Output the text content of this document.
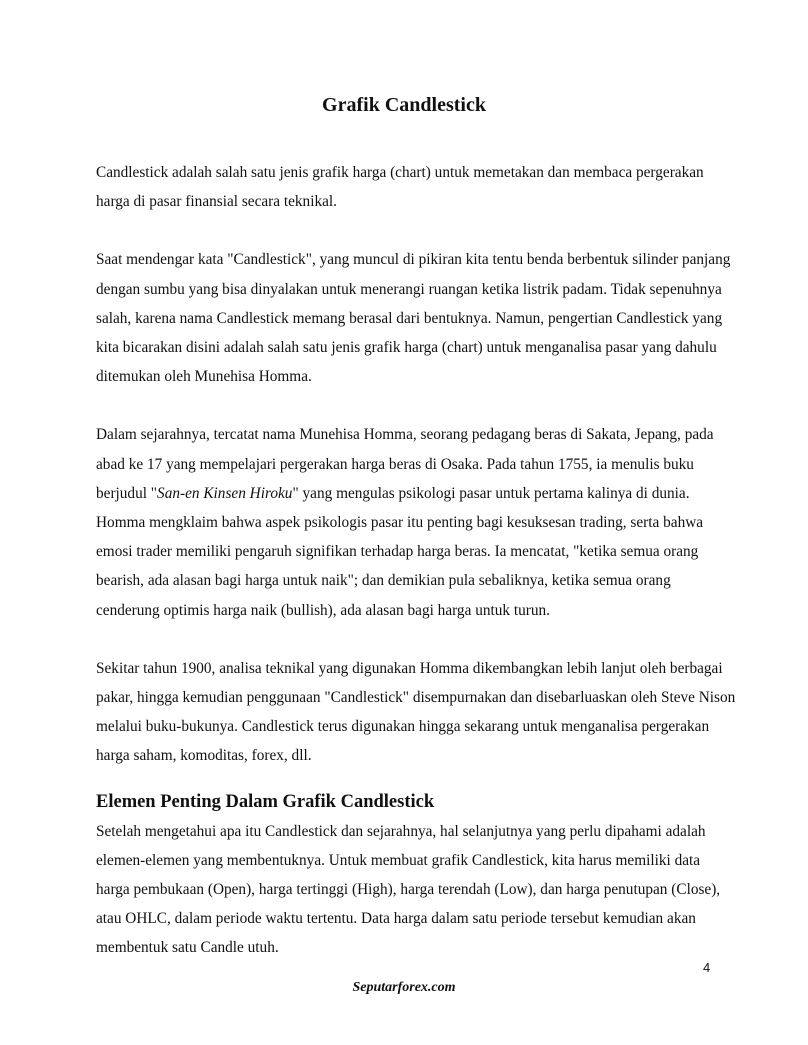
Grafik Candlestick

Candlestick adalah salah satu jenis grafik harga (chart) untuk memetakan dan membaca pergerakan harga di pasar finansial secara teknikal.

Saat mendengar kata "Candlestick", yang muncul di pikiran kita tentu benda berbentuk silinder panjang dengan sumbu yang bisa dinyalakan untuk menerangi ruangan ketika listrik padam. Tidak sepenuhnya salah, karena nama Candlestick memang berasal dari bentuknya. Namun, pengertian Candlestick yang kita bicarakan disini adalah salah satu jenis grafik harga (chart) untuk menganalisa pasar yang dahulu ditemukan oleh Munehisa Homma.

Dalam sejarahnya, tercatat nama Munehisa Homma, seorang pedagang beras di Sakata, Jepang, pada abad ke 17 yang mempelajari pergerakan harga beras di Osaka. Pada tahun 1755, ia menulis buku berjudul "San-en Kinsen Hiroku" yang mengulas psikologi pasar untuk pertama kalinya di dunia. Homma mengklaim bahwa aspek psikologis pasar itu penting bagi kesuksesan trading, serta bahwa emosi trader memiliki pengaruh signifikan terhadap harga beras. Ia mencatat, "ketika semua orang bearish, ada alasan bagi harga untuk naik"; dan demikian pula sebaliknya, ketika semua orang cenderung optimis harga naik (bullish), ada alasan bagi harga untuk turun.

Sekitar tahun 1900, analisa teknikal yang digunakan Homma dikembangkan lebih lanjut oleh berbagai pakar, hingga kemudian penggunaan "Candlestick" disempurnakan dan disebarluaskan oleh Steve Nison melalui buku-bukunya. Candlestick terus digunakan hingga sekarang untuk menganalisa pergerakan harga saham, komoditas, forex, dll.

Elemen Penting Dalam Grafik Candlestick

Setelah mengetahui apa itu Candlestick dan sejarahnya, hal selanjutnya yang perlu dipahami adalah elemen-elemen yang membentuknya. Untuk membuat grafik Candlestick, kita harus memiliki data harga pembukaan (Open), harga tertinggi (High), harga terendah (Low), dan harga penutupan (Close), atau OHLC, dalam periode waktu tertentu. Data harga dalam satu periode tersebut kemudian akan membentuk satu Candle utuh.

4
Seputarforex.com
